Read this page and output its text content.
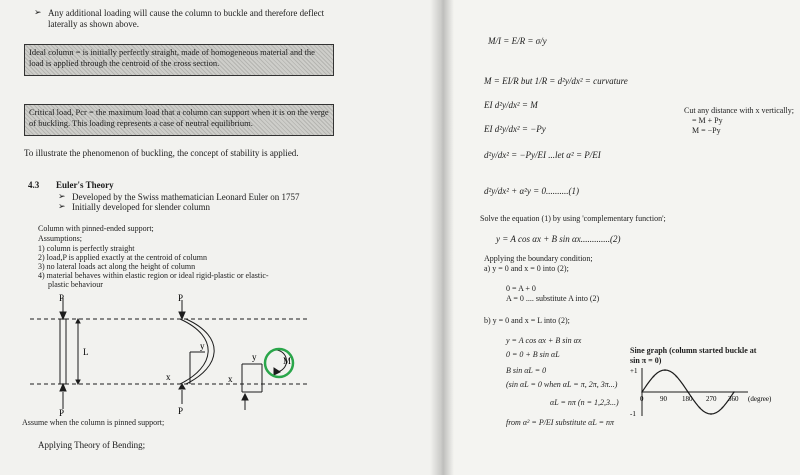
➢ Any additional loading will cause the column to buckle and therefore deflect laterally as shown above.
Ideal column = is initially perfectly straight, made of homogeneous material and the load is applied through the centroid of the cross section.
Critical load, Pcr = the maximum load that a column can support when it is on the verge of buckling. This loading represents a case of neutral equilibrium.
To illustrate the phenomenon of buckling, the concept of stability is applied.
4.3 Euler's Theory
➢ Developed by the Swiss mathematician Leonard Euler on 1757
➢ Initially developed for slender column
Column with pinned-ended support;
Assumptions;
1) column is perfectly straight
2) load,P is applied exactly at the centroid of column
3) no lateral loads act along the height of column
4) material behaves within elastic region or ideal rigid-plastic or elastic-
plastic behaviour
P
P
L
P
P
x
y
x
y	M
Assume when the column is pinned support;
Applying Theory of Bending;
M/I = E/R = σ/y
M = EI/R but 1/R = d²y/dx² = curvature
EI d²y/dx² = M
EI d²y/dx² = −Py
d²y/dx² = −Py/EI ...let α² = P/EI
d²y/dx² + α²y = 0..........(1)
Cut any distance with x vertically;
= M + Py
M = −Py
Solve the equation (1) by using 'complementary function';
y = A cos αx + B sin αx.............(2)
Applying the boundary condition;
a) y = 0 and x = 0 into (2);
0 = A + 0
A = 0 .... substitute A into (2)
b) y = 0 and x = L into (2);
y = A cos αx + B sin αx
0 = 0 + B sin αL
B sin αL = 0
(sin αL = 0 when αL = π, 2π, 3π...)
αL = nπ (n = 1,2,3...)
from α² = P/EI substitute αL = nπ
Sine graph (column started buckle at
sin π = 0)
+1
-1
0 90 180 270 360 (degree)
